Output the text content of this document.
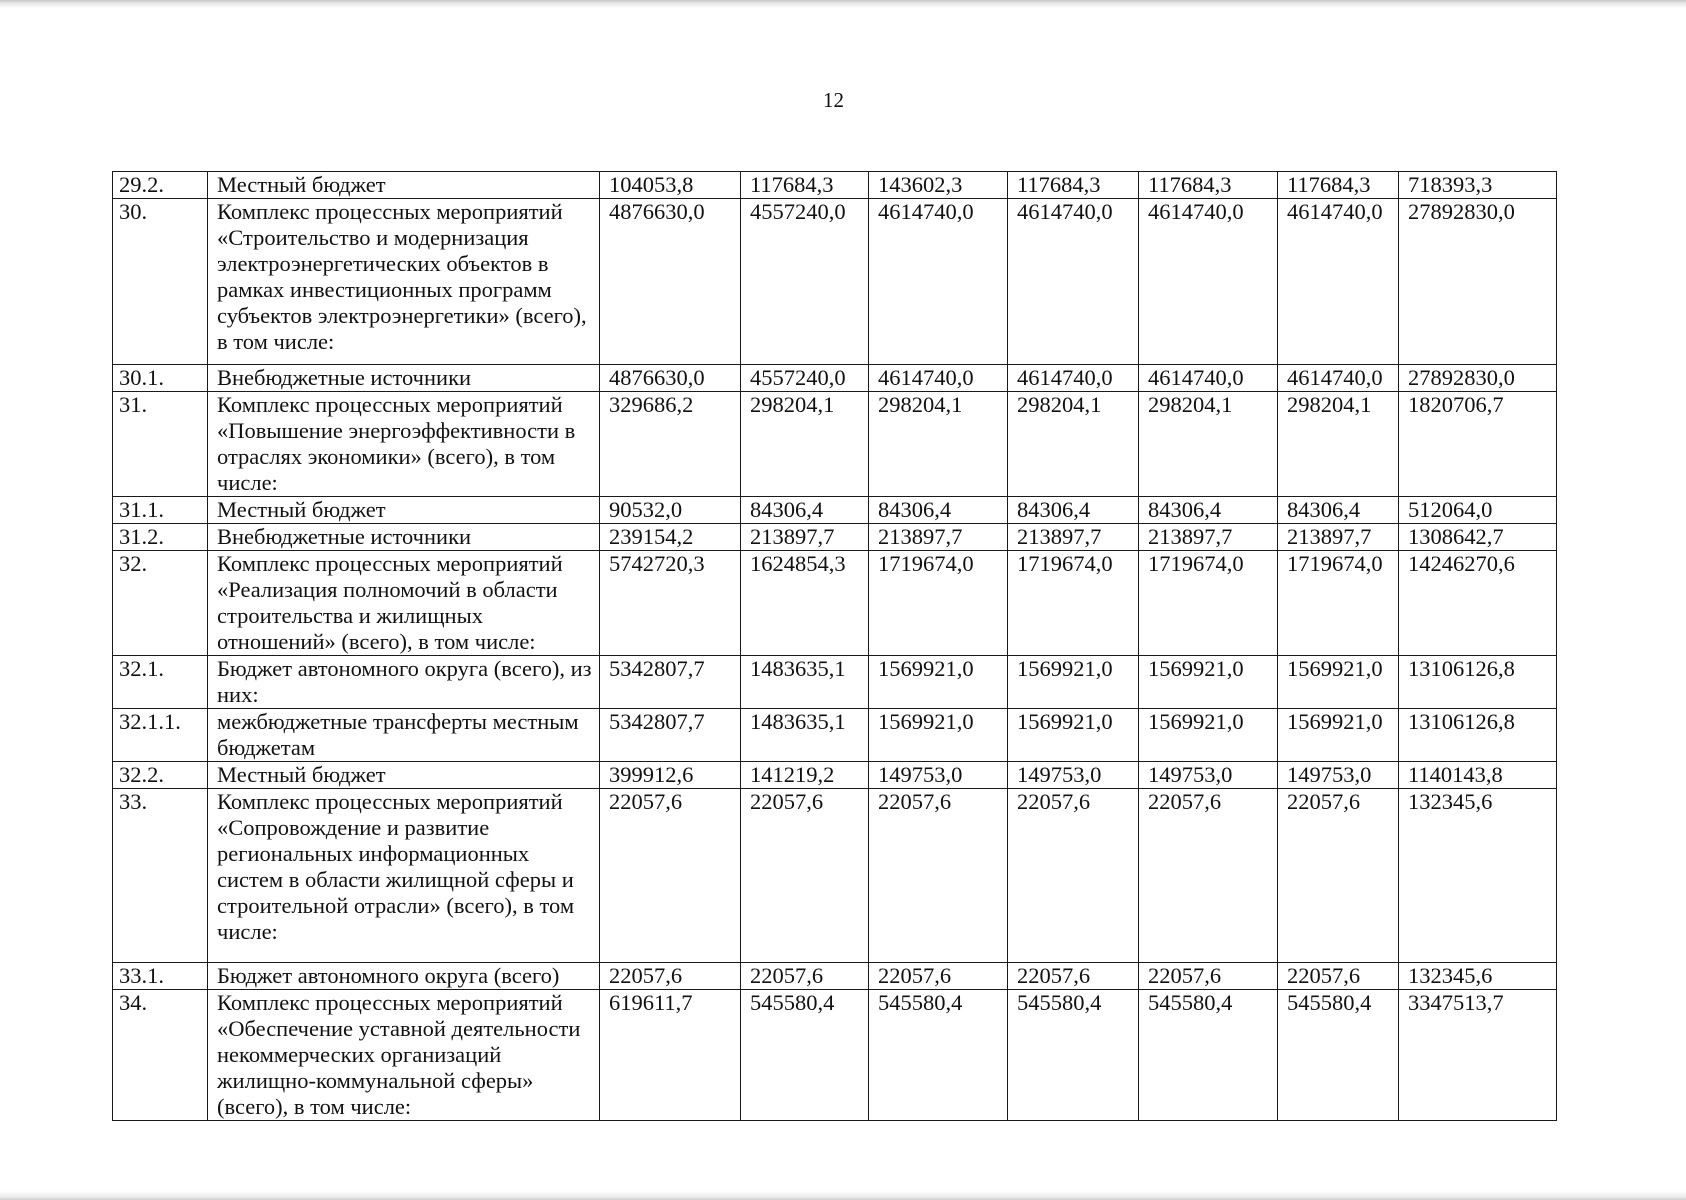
12
29.2.	Местный бюджет	104053,8	117684,3	143602,3	117684,3	117684,3	117684,3	718393,3
30.	Комплекс процессных мероприятий «Строительство и модернизация электроэнергетических объектов в рамках инвестиционных программ субъектов электроэнергетики» (всего), в том числе:	4876630,0	4557240,0	4614740,0	4614740,0	4614740,0	4614740,0	27892830,0
30.1.	Внебюджетные источники	4876630,0	4557240,0	4614740,0	4614740,0	4614740,0	4614740,0	27892830,0
31.	Комплекс процессных мероприятий «Повышение энергоэффективности в отраслях экономики» (всего), в том числе:	329686,2	298204,1	298204,1	298204,1	298204,1	298204,1	1820706,7
31.1.	Местный бюджет	90532,0	84306,4	84306,4	84306,4	84306,4	84306,4	512064,0
31.2.	Внебюджетные источники	239154,2	213897,7	213897,7	213897,7	213897,7	213897,7	1308642,7
32.	Комплекс процессных мероприятий «Реализация полномочий в области строительства и жилищных отношений» (всего), в том числе:	5742720,3	1624854,3	1719674,0	1719674,0	1719674,0	1719674,0	14246270,6
32.1.	Бюджет автономного округа (всего), из них:	5342807,7	1483635,1	1569921,0	1569921,0	1569921,0	1569921,0	13106126,8
32.1.1.	межбюджетные трансферты местным бюджетам	5342807,7	1483635,1	1569921,0	1569921,0	1569921,0	1569921,0	13106126,8
32.2.	Местный бюджет	399912,6	141219,2	149753,0	149753,0	149753,0	149753,0	1140143,8
33.	Комплекс процессных мероприятий «Сопровождение и развитие региональных информационных систем в области жилищной сферы и строительной отрасли» (всего), в том числе:	22057,6	22057,6	22057,6	22057,6	22057,6	22057,6	132345,6
33.1.	Бюджет автономного округа (всего)	22057,6	22057,6	22057,6	22057,6	22057,6	22057,6	132345,6
34.	Комплекс процессных мероприятий «Обеспечение уставной деятельности некоммерческих организаций жилищно-коммунальной сферы» (всего), в том числе:	619611,7	545580,4	545580,4	545580,4	545580,4	545580,4	3347513,7
